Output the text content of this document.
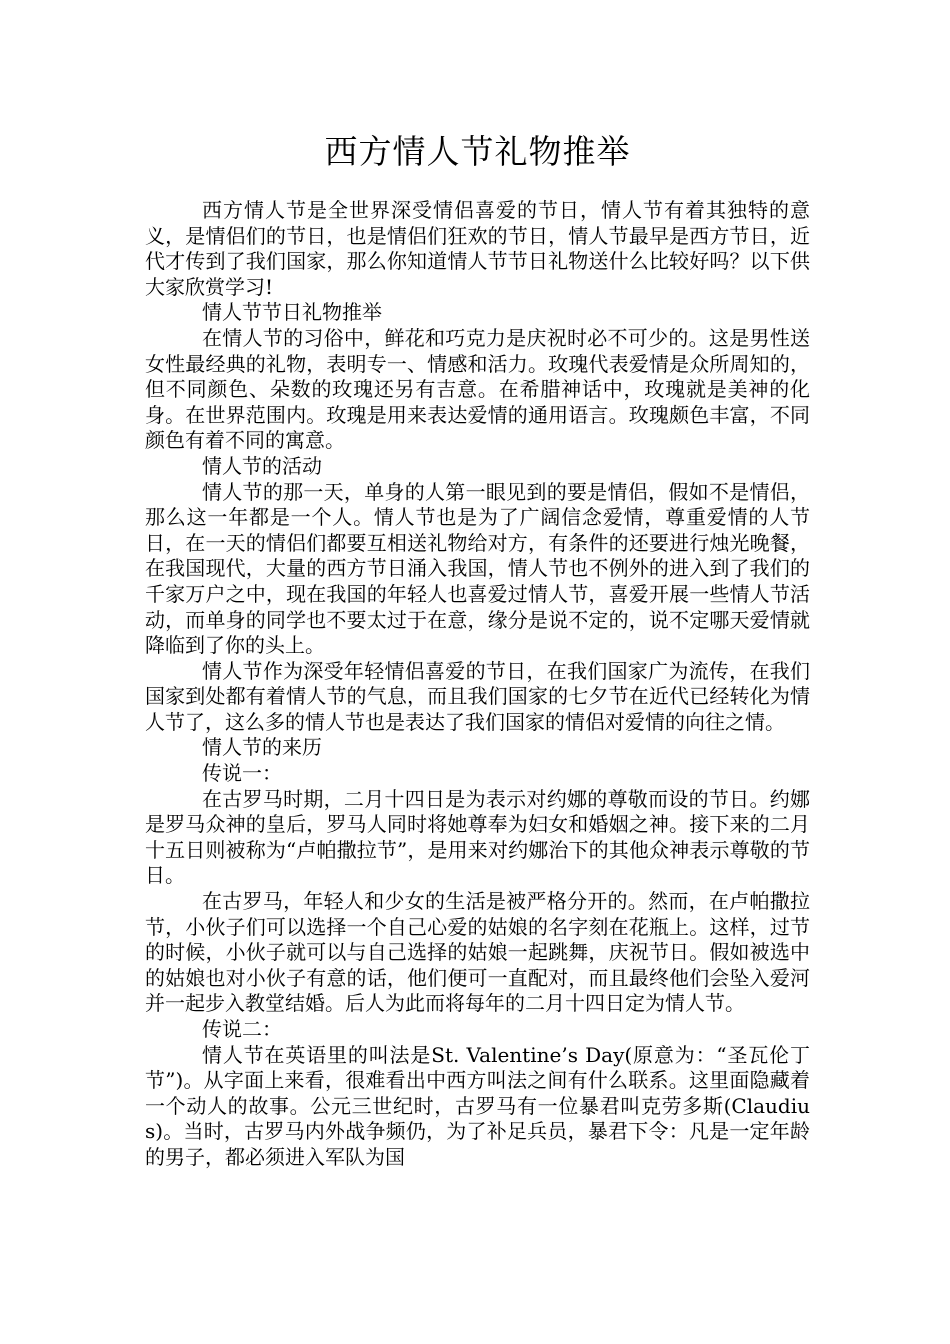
西方情人节礼物推举

西方情人节是全世界深受情侣喜爱的节日，情人节有着其独特的意义，是情侣们的节日，也是情侣们狂欢的节日，情人节最早是西方节日，近代才传到了我们国家，那么你知道情人节节日礼物送什么比较好吗？以下供大家欣赏学习!

情人节节日礼物推举

在情人节的习俗中，鲜花和巧克力是庆祝时必不可少的。这是男性送女性最经典的礼物，表明专一、情感和活力。玫瑰代表爱情是众所周知的，但不同颜色、朵数的玫瑰还另有吉意。在希腊神话中，玫瑰就是美神的化身。在世界范围内。玫瑰是用来表达爱情的通用语言。玫瑰颇色丰富，不同颜色有着不同的寓意。

情人节的活动

情人节的那一天，单身的人第一眼见到的要是情侣，假如不是情侣，那么这一年都是一个人。情人节也是为了广阔信念爱情，尊重爱情的人节日，在一天的情侣们都要互相送礼物给对方，有条件的还要进行烛光晚餐，在我国现代，大量的西方节日涌入我国，情人节也不例外的进入到了我们的千家万户之中，现在我国的年轻人也喜爱过情人节，喜爱开展一些情人节活动，而单身的同学也不要太过于在意，缘分是说不定的，说不定哪天爱情就降临到了你的头上。

情人节作为深受年轻情侣喜爱的节日，在我们国家广为流传，在我们国家到处都有着情人节的气息，而且我们国家的七夕节在近代已经转化为情人节了，这么多的情人节也是表达了我们国家的情侣对爱情的向往之情。

情人节的来历

传说一：

在古罗马时期，二月十四日是为表示对约娜的尊敬而设的节日。约娜是罗马众神的皇后，罗马人同时将她尊奉为妇女和婚姻之神。接下来的二月十五日则被称为“卢帕撒拉节”，是用来对约娜治下的其他众神表示尊敬的节日。

在古罗马，年轻人和少女的生活是被严格分开的。然而，在卢帕撒拉节，小伙子们可以选择一个自己心爱的姑娘的名字刻在花瓶上。这样，过节的时候，小伙子就可以与自己选择的姑娘一起跳舞，庆祝节日。假如被选中的姑娘也对小伙子有意的话，他们便可一直配对，而且最终他们会坠入爱河并一起步入教堂结婚。后人为此而将每年的二月十四日定为情人节。

传说二：

情人节在英语里的叫法是St. Valentine’s Day(原意为：“圣瓦伦丁节”)。从字面上来看，很难看出中西方叫法之间有什么联系。这里面隐藏着一个动人的故事。公元三世纪时，古罗马有一位暴君叫克劳多斯(Claudius)。当时，古罗马内外战争频仍，为了补足兵员，暴君下令：凡是一定年龄的男子，都必须进入军队为国
